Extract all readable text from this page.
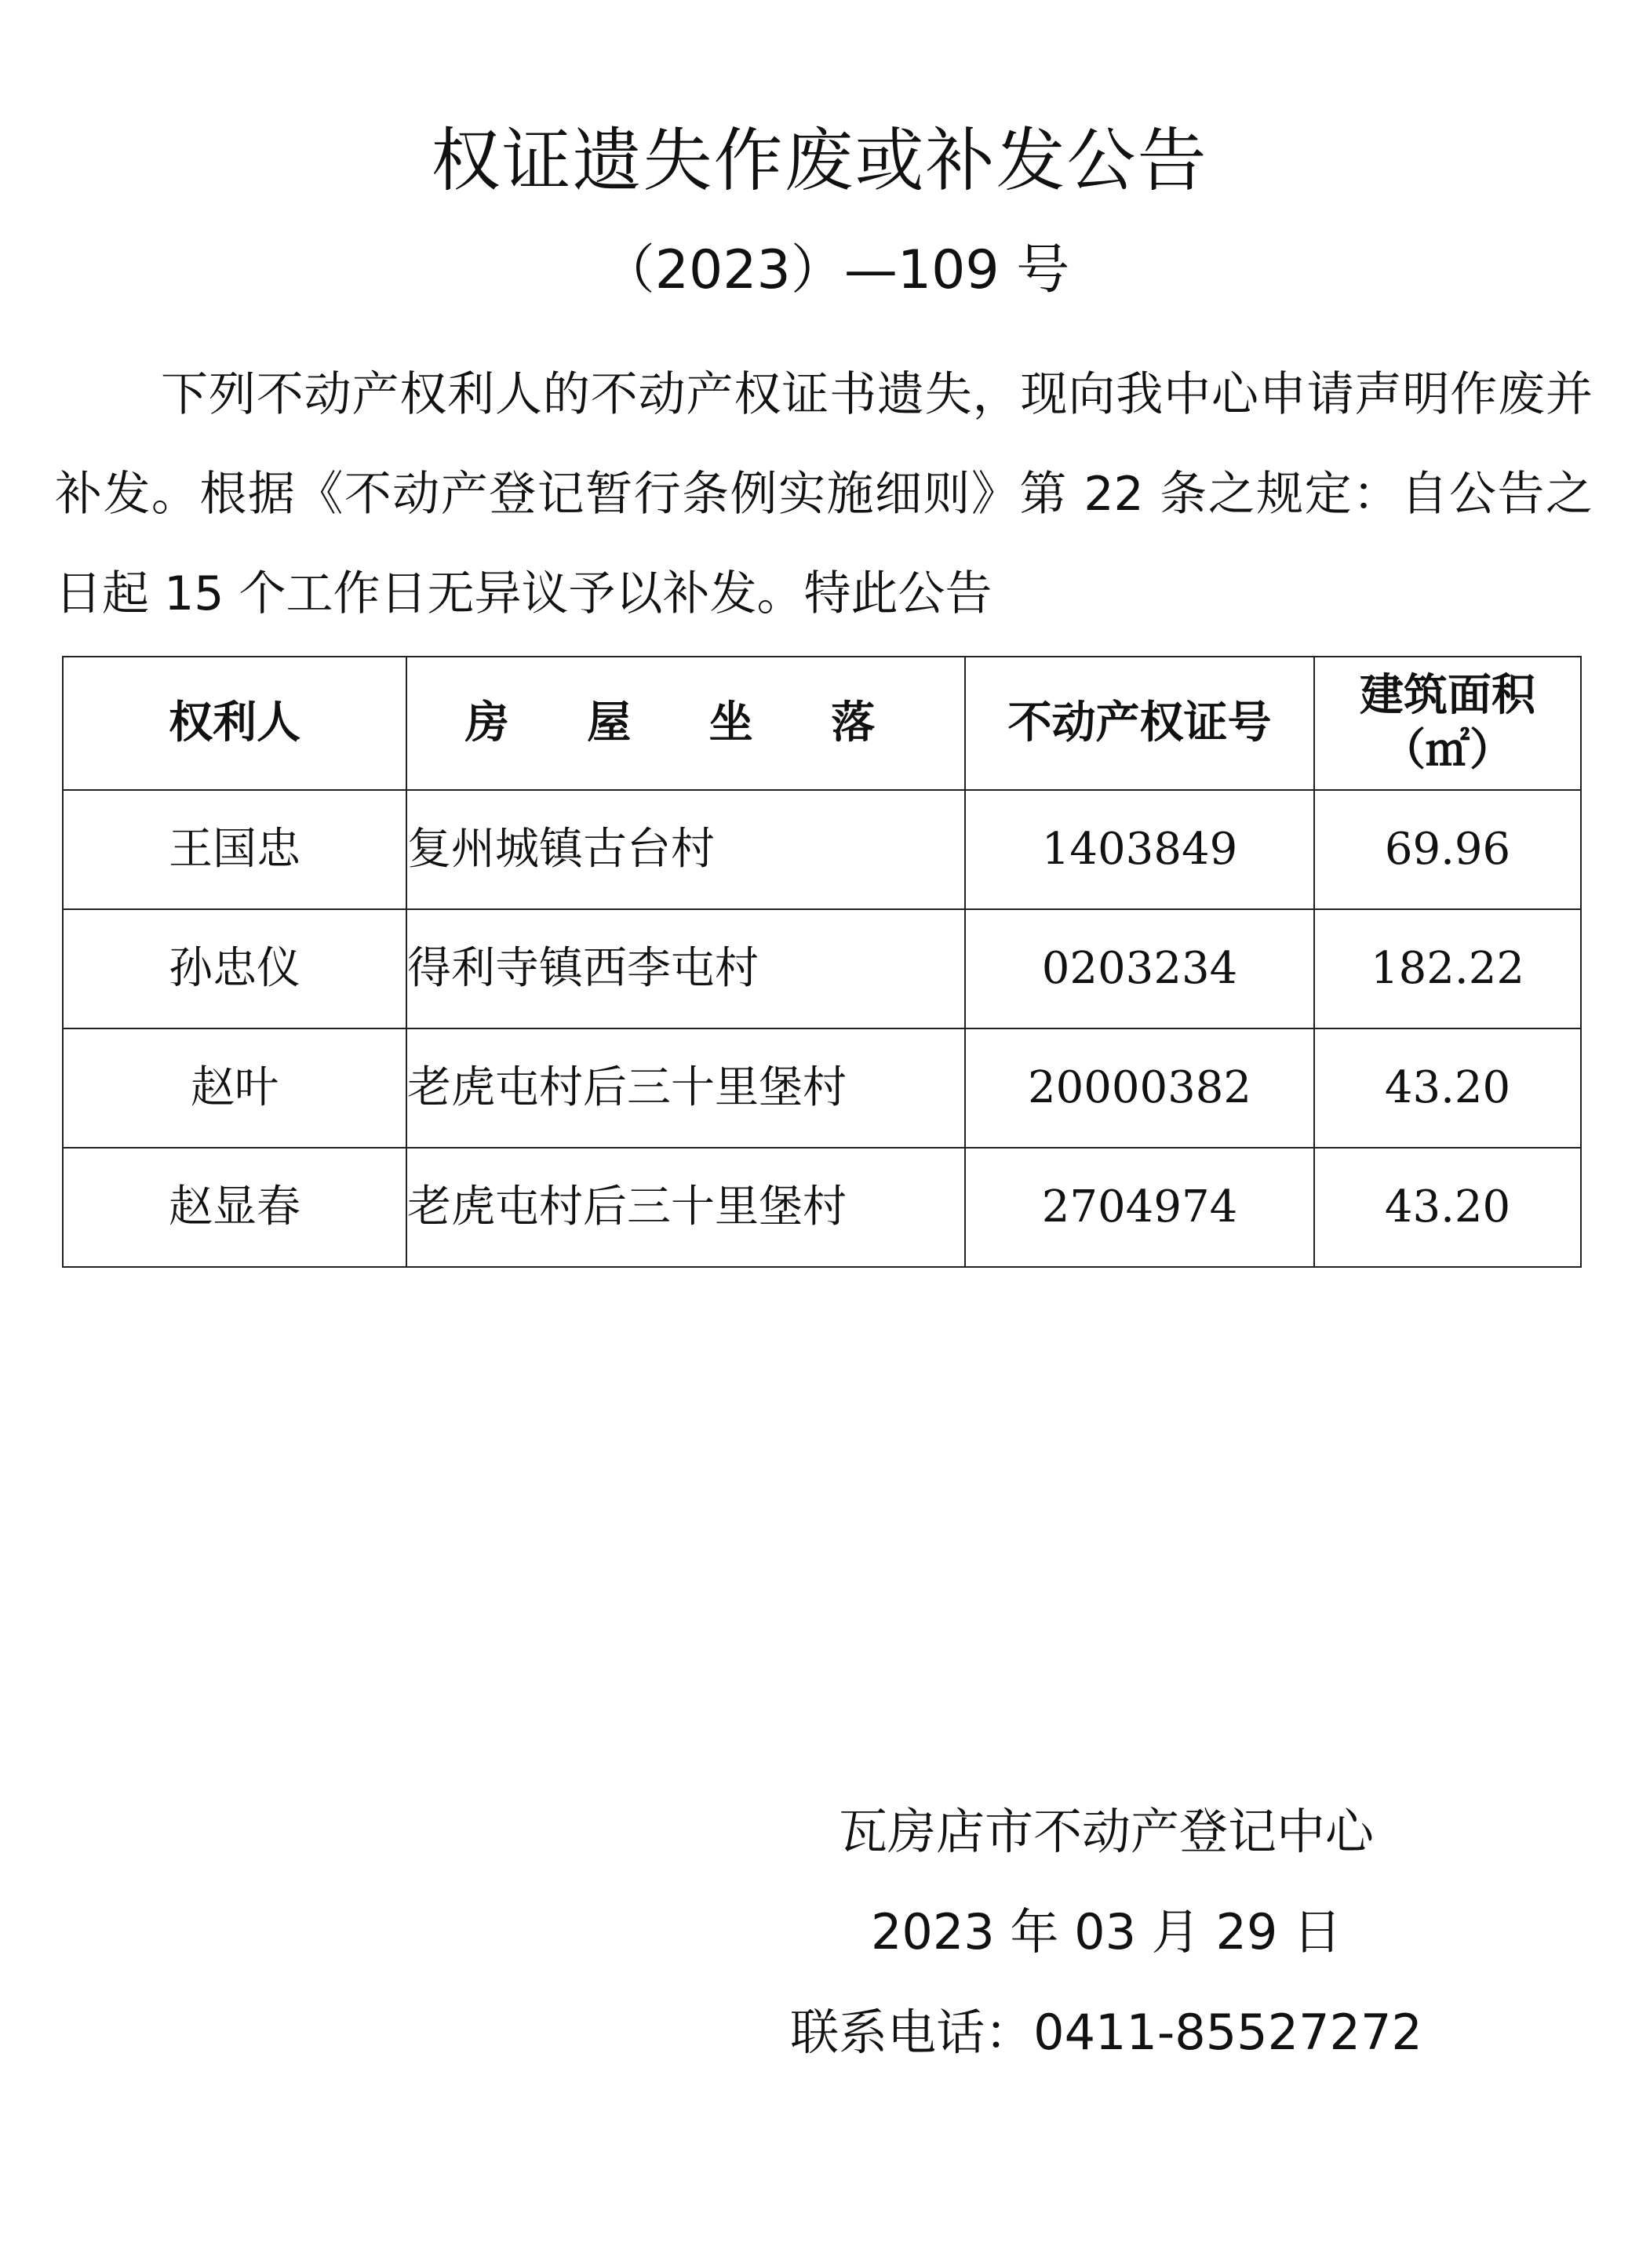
权证遗失作废或补发公告
（2023）—109 号
下列不动产权利人的不动产权证书遗失，现向我中心申请声明作废并补发。根据《不动产登记暂行条例实施细则》第 22 条之规定：自公告之日起 15 个工作日无异议予以补发。特此公告
权利人	房 屋 坐 落	不动产权证号	建筑面积（㎡）
王国忠	复州城镇古台村	1403849	69.96
孙忠仪	得利寺镇西李屯村	0203234	182.22
赵叶	老虎屯村后三十里堡村	20000382	43.20
赵显春	老虎屯村后三十里堡村	2704974	43.20
瓦房店市不动产登记中心
2023 年 03 月 29 日
联系电话：0411-85527272
